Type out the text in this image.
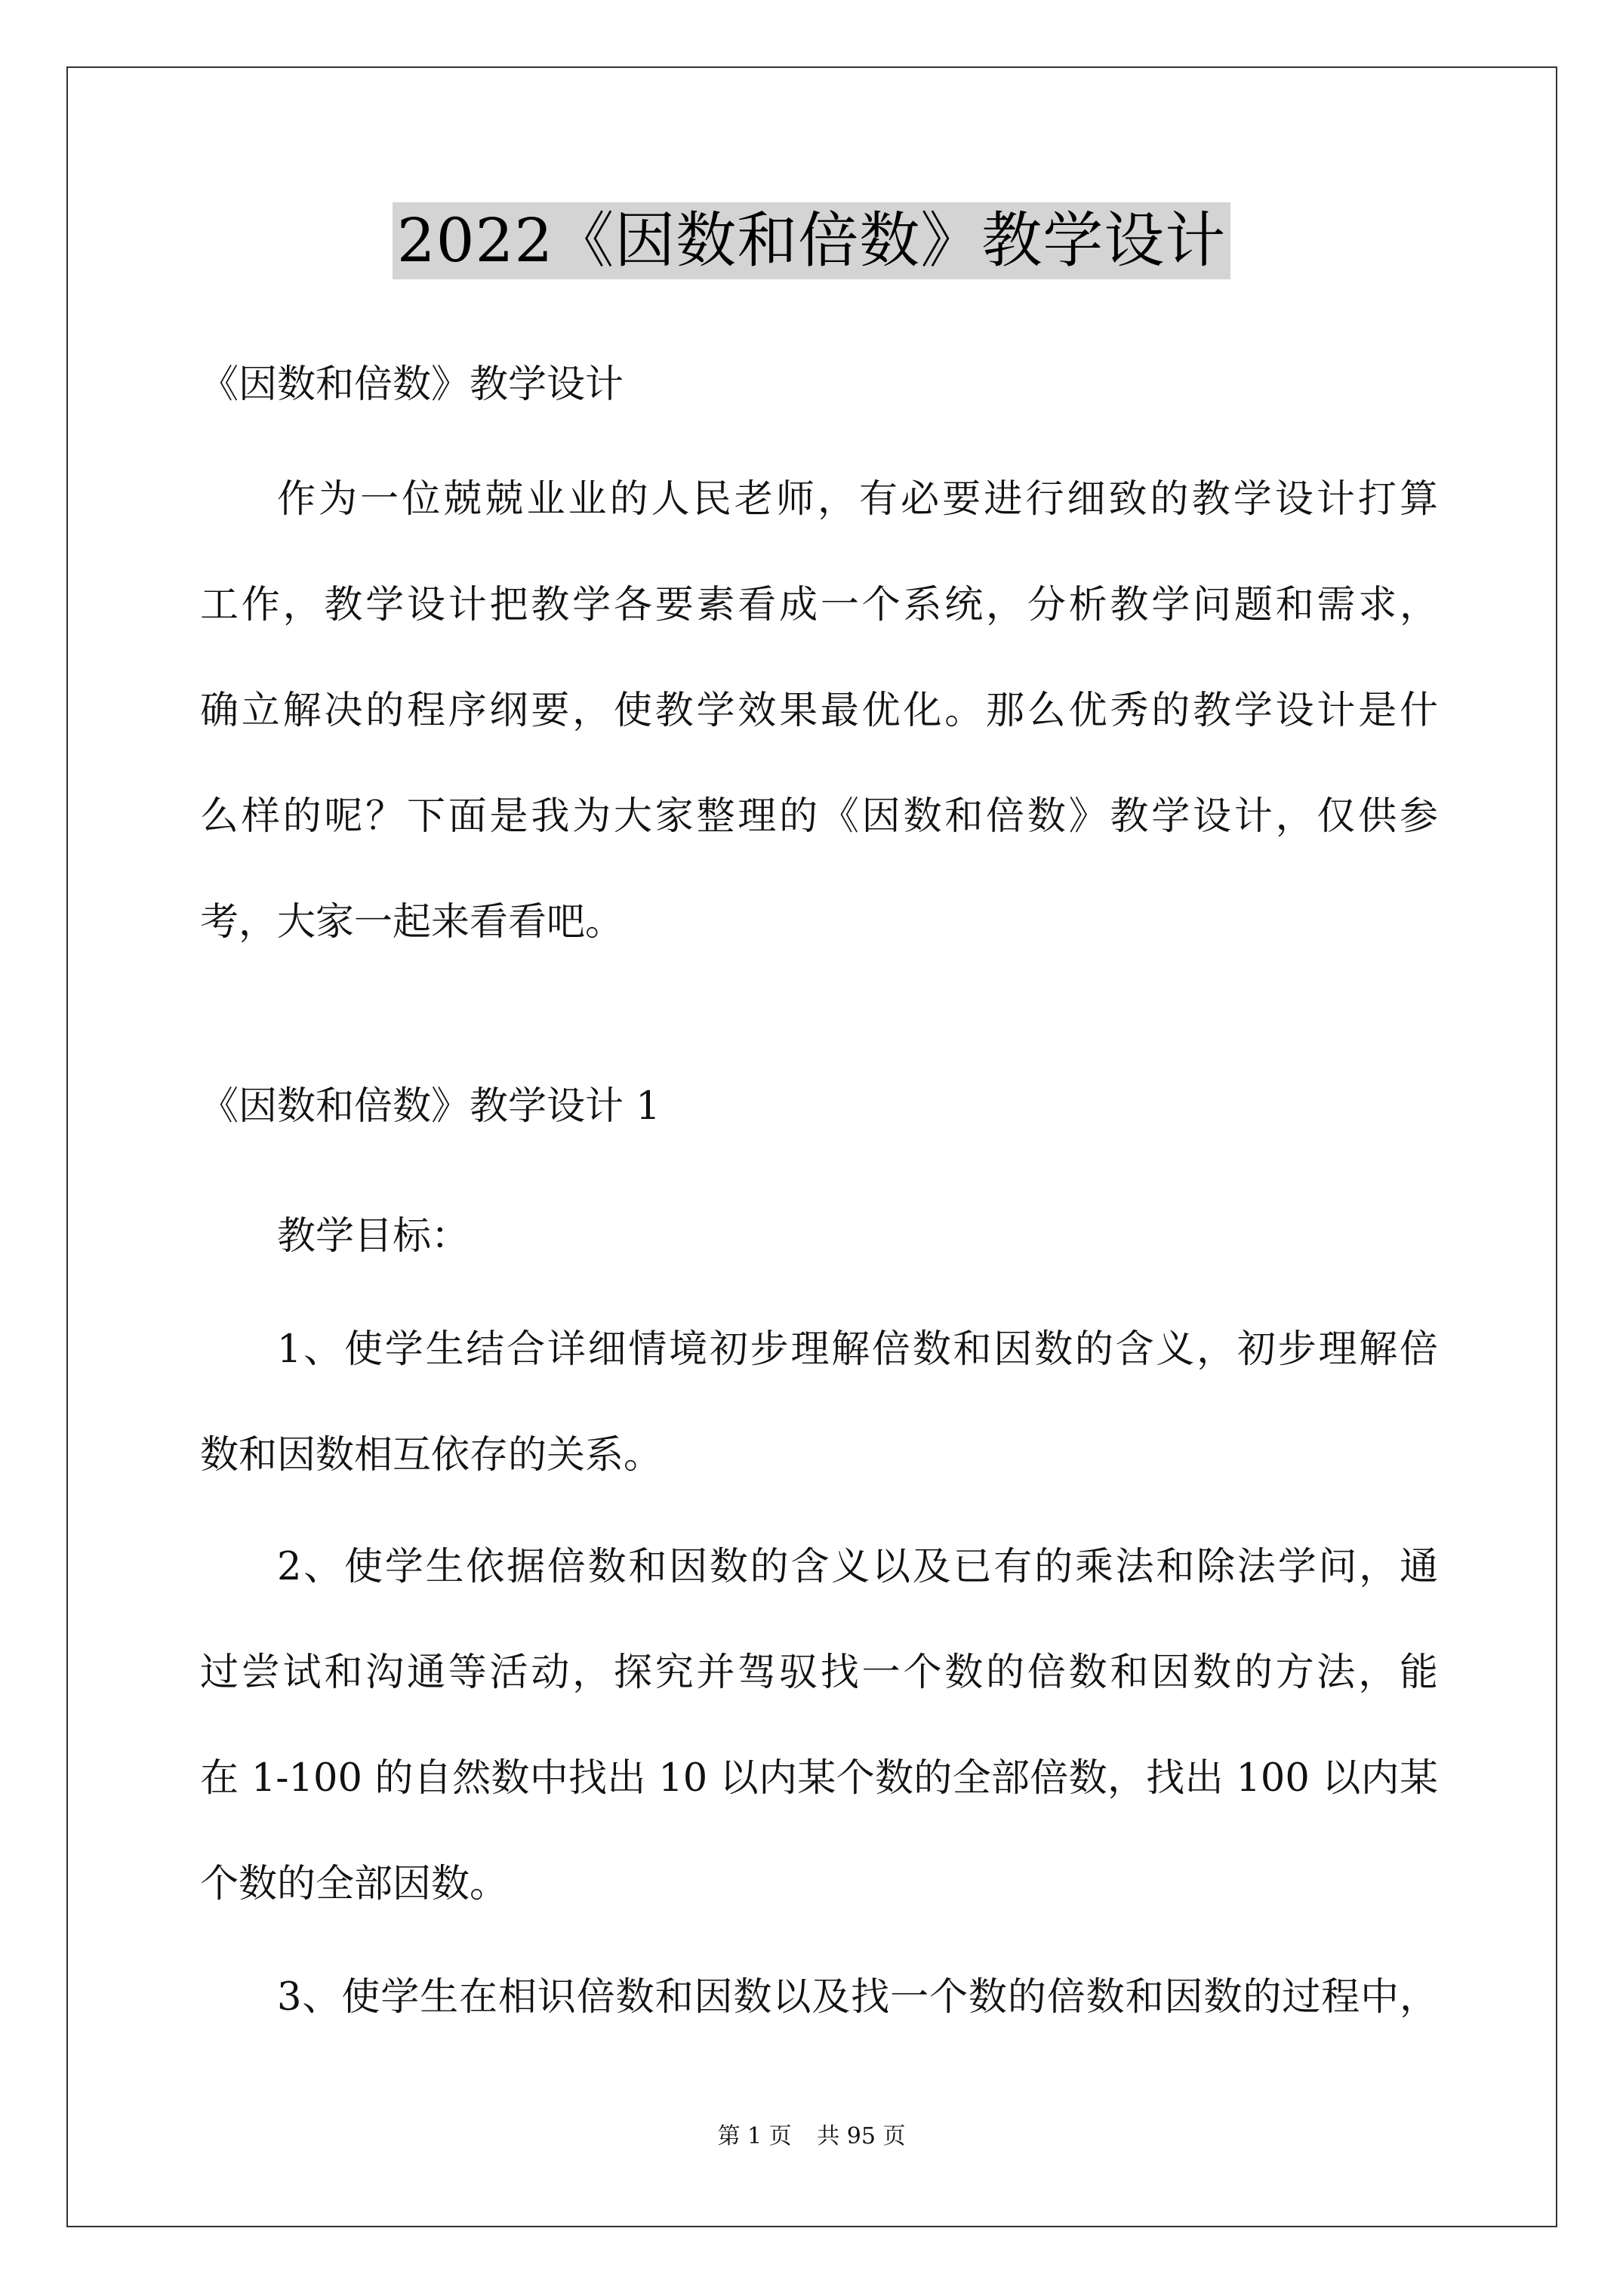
2022《因数和倍数》教学设计
《因数和倍数》教学设计
作为一位兢兢业业的人民老师，有必要进行细致的教学设计打算
工作，教学设计把教学各要素看成一个系统，分析教学问题和需求，
确立解决的程序纲要，使教学效果最优化。那么优秀的教学设计是什
么样的呢？下面是我为大家整理的《因数和倍数》教学设计，仅供参
考，大家一起来看看吧。
《因数和倍数》教学设计 1
教学目标：
1、使学生结合详细情境初步理解倍数和因数的含义，初步理解倍
数和因数相互依存的关系。
2、使学生依据倍数和因数的含义以及已有的乘法和除法学问，通
过尝试和沟通等活动，探究并驾驭找一个数的倍数和因数的方法，能
在 1-100 的自然数中找出 10 以内某个数的全部倍数，找出 100 以内某
个数的全部因数。
3、使学生在相识倍数和因数以及找一个数的倍数和因数的过程中，
第 1 页 共 95 页
